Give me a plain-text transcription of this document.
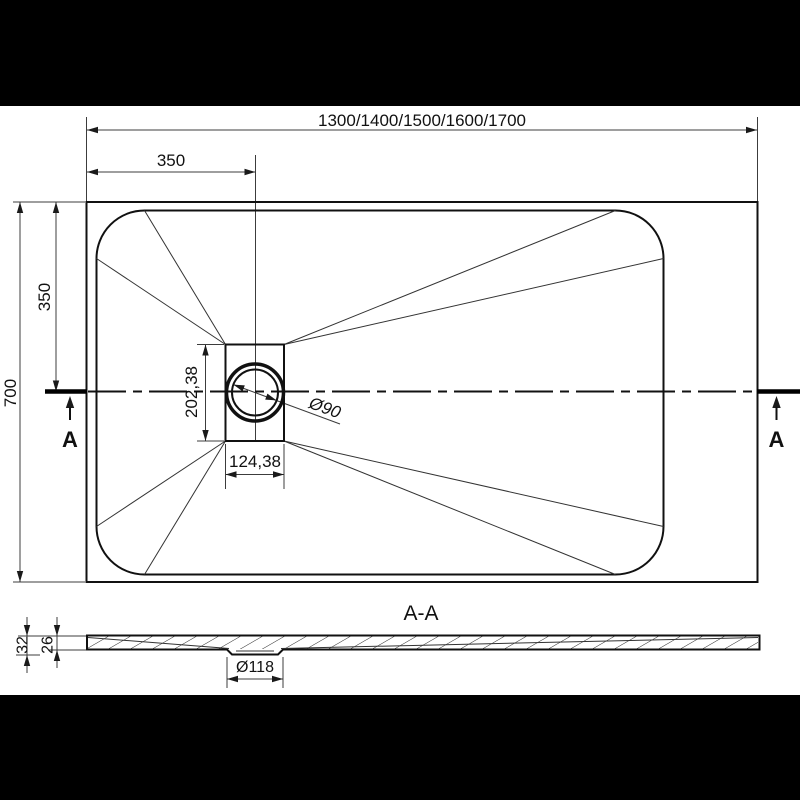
1300/1400/1500/1600/1700
350
700
350
202,38
124,38
Ø90
A	A
A-A
32 26
Ø118
